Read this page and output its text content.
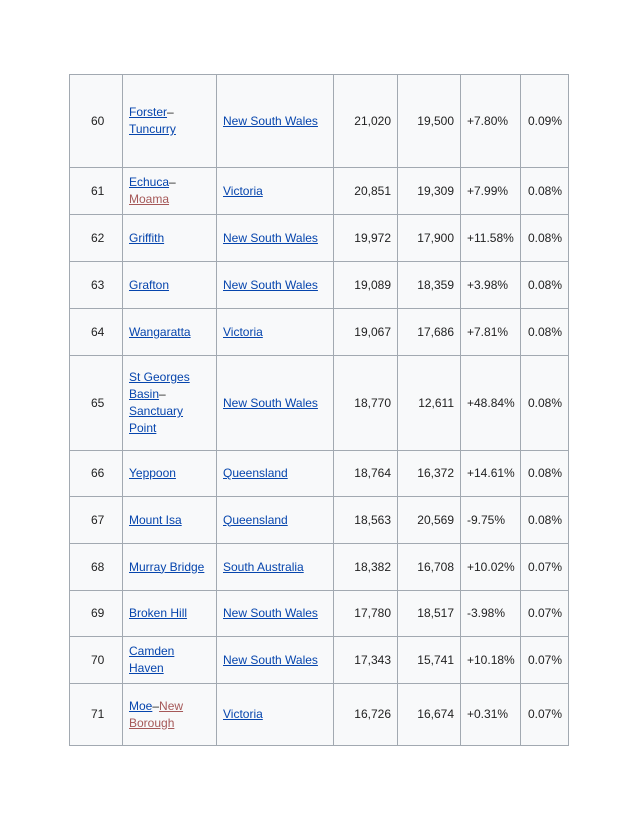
60	Forster–
Tuncurry	New South Wales	21,020	19,500	+7.80%	0.09%
61	Echuca–
Moama	Victoria	20,851	19,309	+7.99%	0.08%
62	Griffith	New South Wales	19,972	17,900	+11.58%	0.08%
63	Grafton	New South Wales	19,089	18,359	+3.98%	0.08%
64	Wangaratta	Victoria	19,067	17,686	+7.81%	0.08%
65	St Georges Basin–
Sanctuary Point	New South Wales	18,770	12,611	+48.84%	0.08%
66	Yeppoon	Queensland	18,764	16,372	+14.61%	0.08%
67	Mount Isa	Queensland	18,563	20,569	-9.75%	0.08%
68	Murray Bridge	South Australia	18,382	16,708	+10.02%	0.07%
69	Broken Hill	New South Wales	17,780	18,517	-3.98%	0.07%
70	Camden Haven	New South Wales	17,343	15,741	+10.18%	0.07%
71	Moe–New Borough	Victoria	16,726	16,674	+0.31%	0.07%
